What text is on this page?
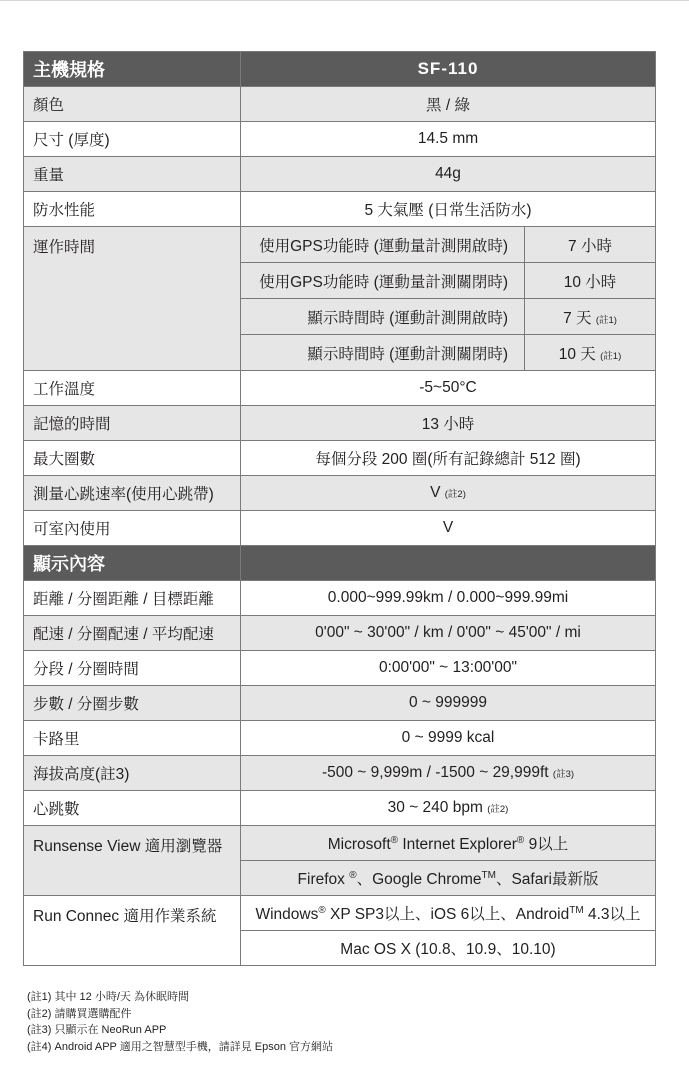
主機規格	SF-110	
顏色	黑 / 綠	
尺寸 (厚度)	14.5 mm	
重量	44g	
防水性能	5 大氣壓 (日常生活防水)	
運作時間	使用GPS功能時 (運動量計測開啟時)	7 小時
	使用GPS功能時 (運動量計測關閉時)	10 小時
	顯示時間時 (運動計測開啟時)	7 天 (註1)
	顯示時間時 (運動計測關閉時)	10 天 (註1)
工作溫度	-5~50°C	
記憶的時間	13 小時	
最大圈數	每個分段 200 圈(所有記錄總計 512 圈)	
測量心跳速率(使用心跳帶)	V (註2)	
可室內使用	V	
顯示內容		
距離 / 分圈距離 / 目標距離	0.000~999.99km / 0.000~999.99mi	
配速 / 分圈配速 / 平均配速	0'00" ~ 30'00" / km / 0'00" ~ 45'00" / mi	
分段 / 分圈時間	0:00'00" ~ 13:00'00"	
步數 / 分圈步數	0 ~ 999999	
卡路里	0 ~ 9999 kcal	
海拔高度(註3)	-500 ~ 9,999m / -1500 ~ 29,999ft (註3)	
心跳數	30 ~ 240 bpm (註2)	
Runsense View 適用瀏覽器	Microsoft® Internet Explorer® 9以上	
	Firefox ®、Google Chrome™、Safari最新版	
Run Connec 適用作業系統	Windows® XP SP3以上、iOS 6以上、Android™ 4.3以上	
	Mac OS X (10.8、10.9、10.10)	
(註1) 其中 12 小時/天 為休眠時間
(註2) 請購買選購配件
(註3) 只顯示在 NeoRun APP
(註4) Android APP 適用之智慧型手機，請詳見 Epson 官方網站
